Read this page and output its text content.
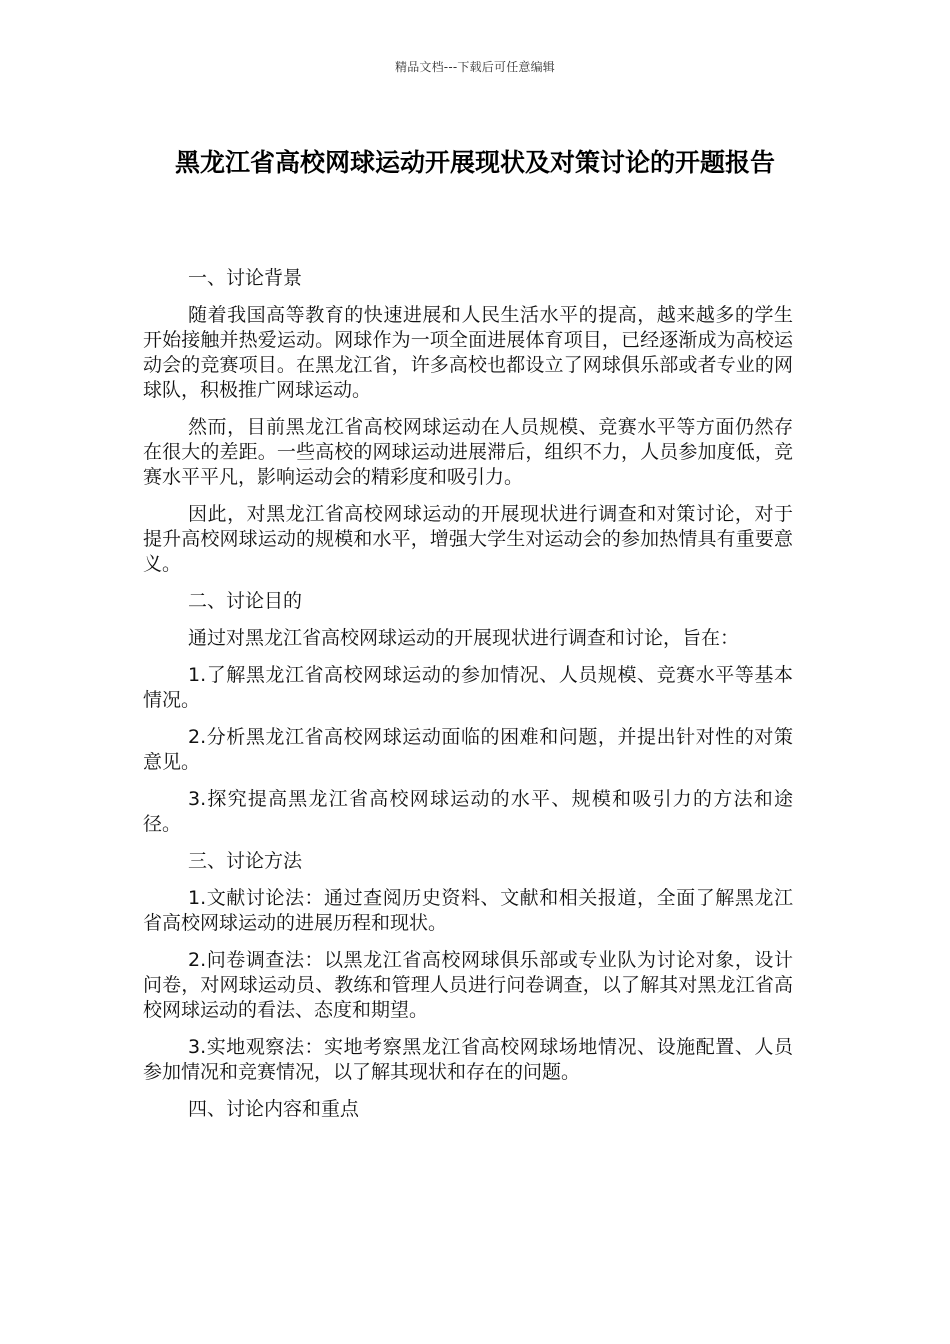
精品文档---下载后可任意编辑
黑龙江省高校网球运动开展现状及对策讨论的开题报告

一、讨论背景

随着我国高等教育的快速进展和人民生活水平的提高，越来越多的学生开始接触并热爱运动。网球作为一项全面进展体育项目，已经逐渐成为高校运动会的竞赛项目。在黑龙江省，许多高校也都设立了网球俱乐部或者专业的网球队，积极推广网球运动。

然而，目前黑龙江省高校网球运动在人员规模、竞赛水平等方面仍然存在很大的差距。一些高校的网球运动进展滞后，组织不力，人员参加度低，竞赛水平平凡，影响运动会的精彩度和吸引力。

因此，对黑龙江省高校网球运动的开展现状进行调查和对策讨论，对于提升高校网球运动的规模和水平，增强大学生对运动会的参加热情具有重要意义。

二、讨论目的

通过对黑龙江省高校网球运动的开展现状进行调查和讨论，旨在：

1.了解黑龙江省高校网球运动的参加情况、人员规模、竞赛水平等基本情况。

2.分析黑龙江省高校网球运动面临的困难和问题，并提出针对性的对策意见。

3.探究提高黑龙江省高校网球运动的水平、规模和吸引力的方法和途径。

三、讨论方法

1.文献讨论法：通过查阅历史资料、文献和相关报道，全面了解黑龙江省高校网球运动的进展历程和现状。

2.问卷调查法：以黑龙江省高校网球俱乐部或专业队为讨论对象，设计问卷，对网球运动员、教练和管理人员进行问卷调查，以了解其对黑龙江省高校网球运动的看法、态度和期望。

3.实地观察法：实地考察黑龙江省高校网球场地情况、设施配置、人员参加情况和竞赛情况，以了解其现状和存在的问题。

四、讨论内容和重点
